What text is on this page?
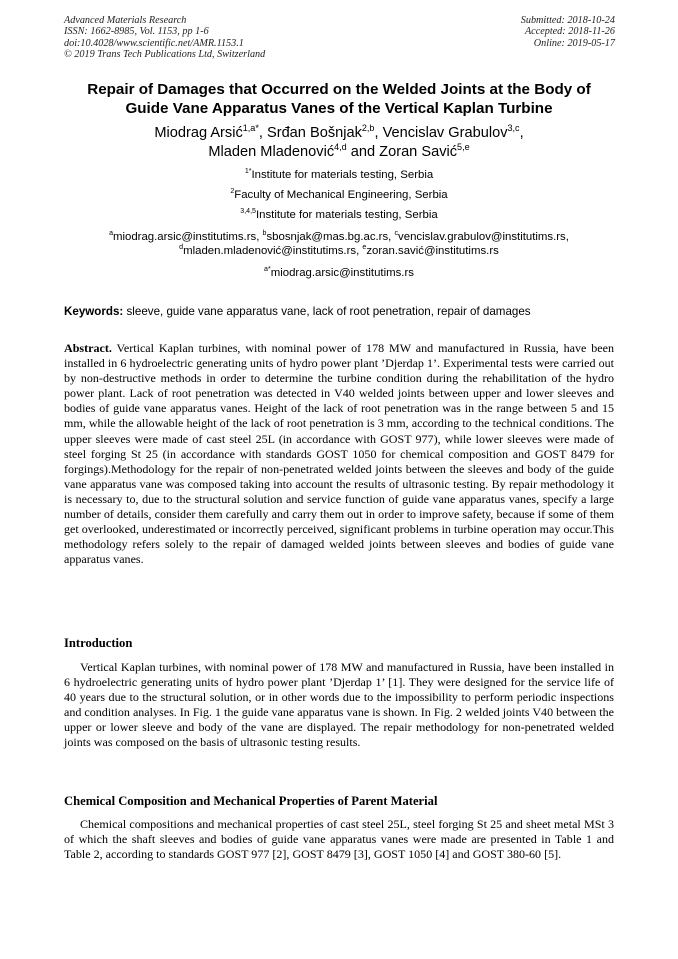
Advanced Materials Research
ISSN: 1662-8985, Vol. 1153, pp 1-6
doi:10.4028/www.scientific.net/AMR.1153.1
© 2019 Trans Tech Publications Ltd, Switzerland
Submitted: 2018-10-24
Accepted: 2018-11-26
Online: 2019-05-17
Repair of Damages that Occurred on the Welded Joints at the Body of
Guide Vane Apparatus Vanes of the Vertical Kaplan Turbine
Miodrag Arsić$^{1,a*}$, Srđan Bošnjak$^{2,b}$, Vencislav Grabulov$^{3,c}$,
Mladen Mladenović$^{4,d}$ and Zoran Savić$^{5,e}$
$^{1*}$Institute for materials testing, Serbia
$^2$Faculty of Mechanical Engineering, Serbia
$^{3,4,5}$Institute for materials testing, Serbia
$^a$miodrag.arsic@institutims.rs, $^b$sbosnjak@mas.bg.ac.rs, $^c$vencislav.grabulov@institutims.rs,
$^d$mladen.mladenović@institutims.rs, $^e$zoran.savić@institutims.rs
$^{a*}$miodrag.arsic@institutims.rs
Keywords: sleeve, guide vane apparatus vane, lack of root penetration, repair of damages
Abstract. Vertical Kaplan turbines, with nominal power of 178 MW and manufactured in Russia, have been installed in 6 hydroelectric generating units of hydro power plant ’Djerdap 1’. Experimental tests were carried out by non-destructive methods in order to determine the turbine condition during the rehabilitation of the hydro power plant. Lack of root penetration was detected in V40 welded joints between upper and lower sleeves and bodies of guide vane apparatus vanes. Height of the lack of root penetration was in the range between 5 and 15 mm, while the allowable height of the lack of root penetration is 3 mm, according to the technical conditions. The upper sleeves were made of cast steel 25L (in accordance with GOST 977), while lower sleeves were made of steel forging St 25 (in accordance with standards GOST 1050 for chemical composition and GOST 8479 for forgings).Methodology for the repair of non-penetrated welded joints between the sleeves and body of the guide vane apparatus vane was composed taking into account the results of ultrasonic testing. By repair methodology it is necessary to, due to the structural solution and service function of guide vane apparatus vanes, specify a large number of details, consider them carefully and carry them out in order to improve safety, because if some of them get overlooked, underestimated or incorrectly perceived, significant problems in turbine operation may occur.This methodology refers solely to the repair of damaged welded joints between sleeves and bodies of guide vane apparatus vanes.
Introduction
Vertical Kaplan turbines, with nominal power of 178 MW and manufactured in Russia, have been installed in 6 hydroelectric generating units of hydro power plant ’Djerdap 1’ [1]. They were designed for the service life of 40 years due to the structural solution, or in other words due to the impossibility to perform periodic inspections and condition analyses. In Fig. 1 the guide vane apparatus vane is shown. In Fig. 2 welded joints V40 between the upper or lower sleeve and body of the vane are displayed. The repair methodology for non-penetrated welded joints was composed on the basis of ultrasonic testing results.
Chemical Composition and Mechanical Properties of Parent Material
Chemical compositions and mechanical properties of cast steel 25L, steel forging St 25 and sheet metal MSt 3 of which the shaft sleeves and bodies of guide vane apparatus vanes were made are presented in Table 1 and Table 2, according to standards GOST 977 [2], GOST 8479 [3], GOST 1050 [4] and GOST 380-60 [5].
